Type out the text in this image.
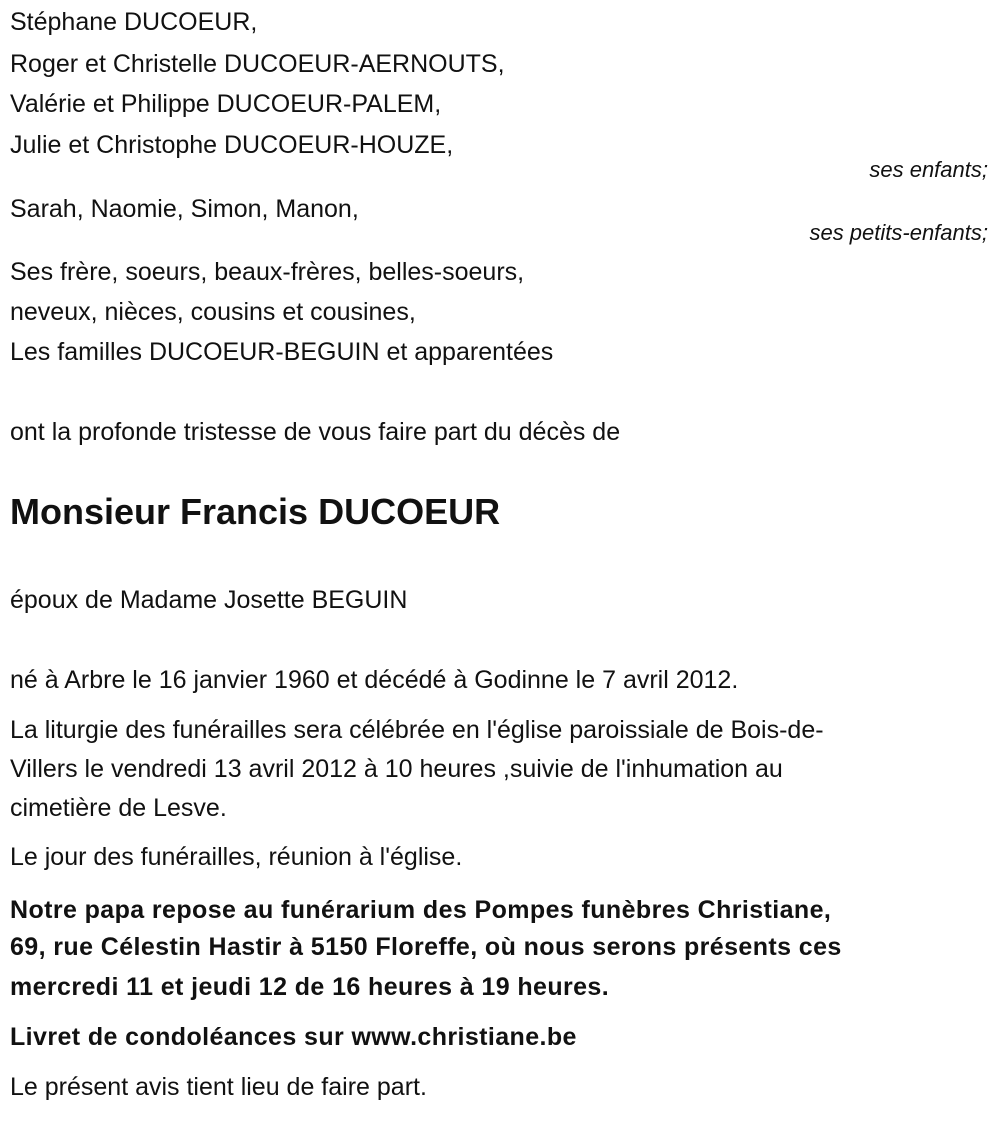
Stéphane DUCOEUR,
Roger et Christelle DUCOEUR-AERNOUTS,
Valérie et Philippe DUCOEUR-PALEM,
Julie et Christophe DUCOEUR-HOUZE,
ses enfants;
Sarah, Naomie, Simon, Manon,
ses petits-enfants;
Ses frère, soeurs, beaux-frères, belles-soeurs,
neveux, nièces, cousins et cousines,
Les familles DUCOEUR-BEGUIN et apparentées
ont la profonde tristesse de vous faire part du décès de
Monsieur Francis DUCOEUR
époux de Madame Josette BEGUIN
né à Arbre le 16 janvier 1960 et décédé à Godinne le 7 avril 2012.
La liturgie des funérailles sera célébrée en l'église paroissiale de Bois-de-
Villers le vendredi 13 avril 2012 à 10 heures ,suivie de l'inhumation au
cimetière de Lesve.
Le jour des funérailles, réunion à l'église.
Notre papa repose au funérarium des Pompes funèbres Christiane,
69, rue Célestin Hastir à 5150 Floreffe, où nous serons présents ces
mercredi 11 et jeudi 12 de 16 heures à 19 heures.
Livret de condoléances sur www.christiane.be
Le présent avis tient lieu de faire part.
